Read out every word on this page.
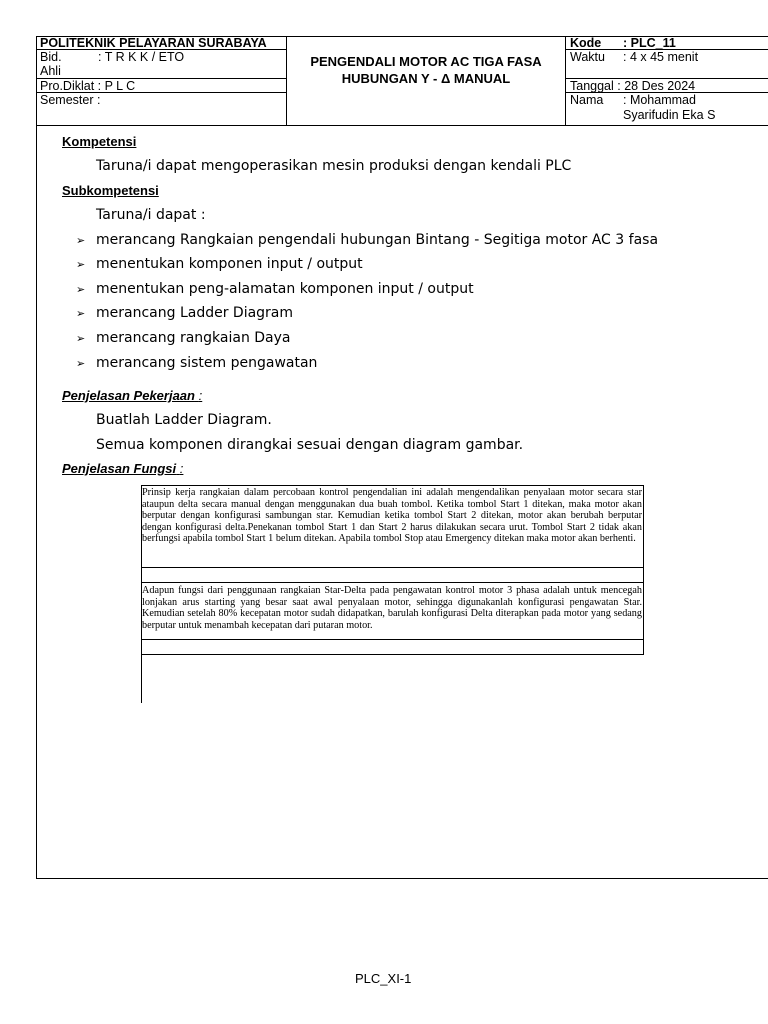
POLITEKNIK PELAYARAN SURABAYA
Bid.	: T R K K / ETO
Ahli
Pro.Diklat : P L C
Semester :
PENGENDALI MOTOR AC TIGA FASA
HUBUNGAN Y - Δ MANUAL
Kode : PLC_11
Waktu : 4 x 45 menit
Tanggal : 28 Des 2024
Nama : Mohammad
Syarifudin Eka S
Kompetensi
Taruna/i dapat mengoperasikan mesin produksi dengan kendali PLC
Subkompetensi
Taruna/i dapat :
➢ merancang Rangkaian pengendali hubungan Bintang - Segitiga motor AC 3 fasa
➢ menentukan komponen input / output
➢ menentukan peng-alamatan komponen input / output
➢ merancang Ladder Diagram
➢ merancang rangkaian Daya
➢ merancang sistem pengawatan
Penjelasan Pekerjaan :
Buatlah Ladder Diagram.
Semua komponen dirangkai sesuai dengan diagram gambar.
Penjelasan Fungsi :
Prinsip kerja rangkaian dalam percobaan kontrol pengendalian ini adalah mengendalikan penyalaan motor secara star ataupun delta secara manual dengan menggunakan dua buah tombol. Ketika tombol Start 1 ditekan, maka motor akan berputar dengan konfigurasi sambungan star. Kemudian ketika tombol Start 2 ditekan, motor akan berubah berputar dengan konfigurasi delta.Penekanan tombol Start 1 dan Start 2 harus dilakukan secara urut. Tombol Start 2 tidak akan berfungsi apabila tombol Start 1 belum ditekan. Apabila tombol Stop atau Emergency ditekan maka motor akan berhenti.
Adapun fungsi dari penggunaan rangkaian Star-Delta pada pengawatan kontrol motor 3 phasa adalah untuk mencegah lonjakan arus starting yang besar saat awal penyalaan motor, sehingga digunakanlah konfigurasi pengawatan Star. Kemudian setelah 80% kecepatan motor sudah didapatkan, barulah konfigurasi Delta diterapkan pada motor yang sedang berputar untuk menambah kecepatan dari putaran motor.
PLC_XI-1
